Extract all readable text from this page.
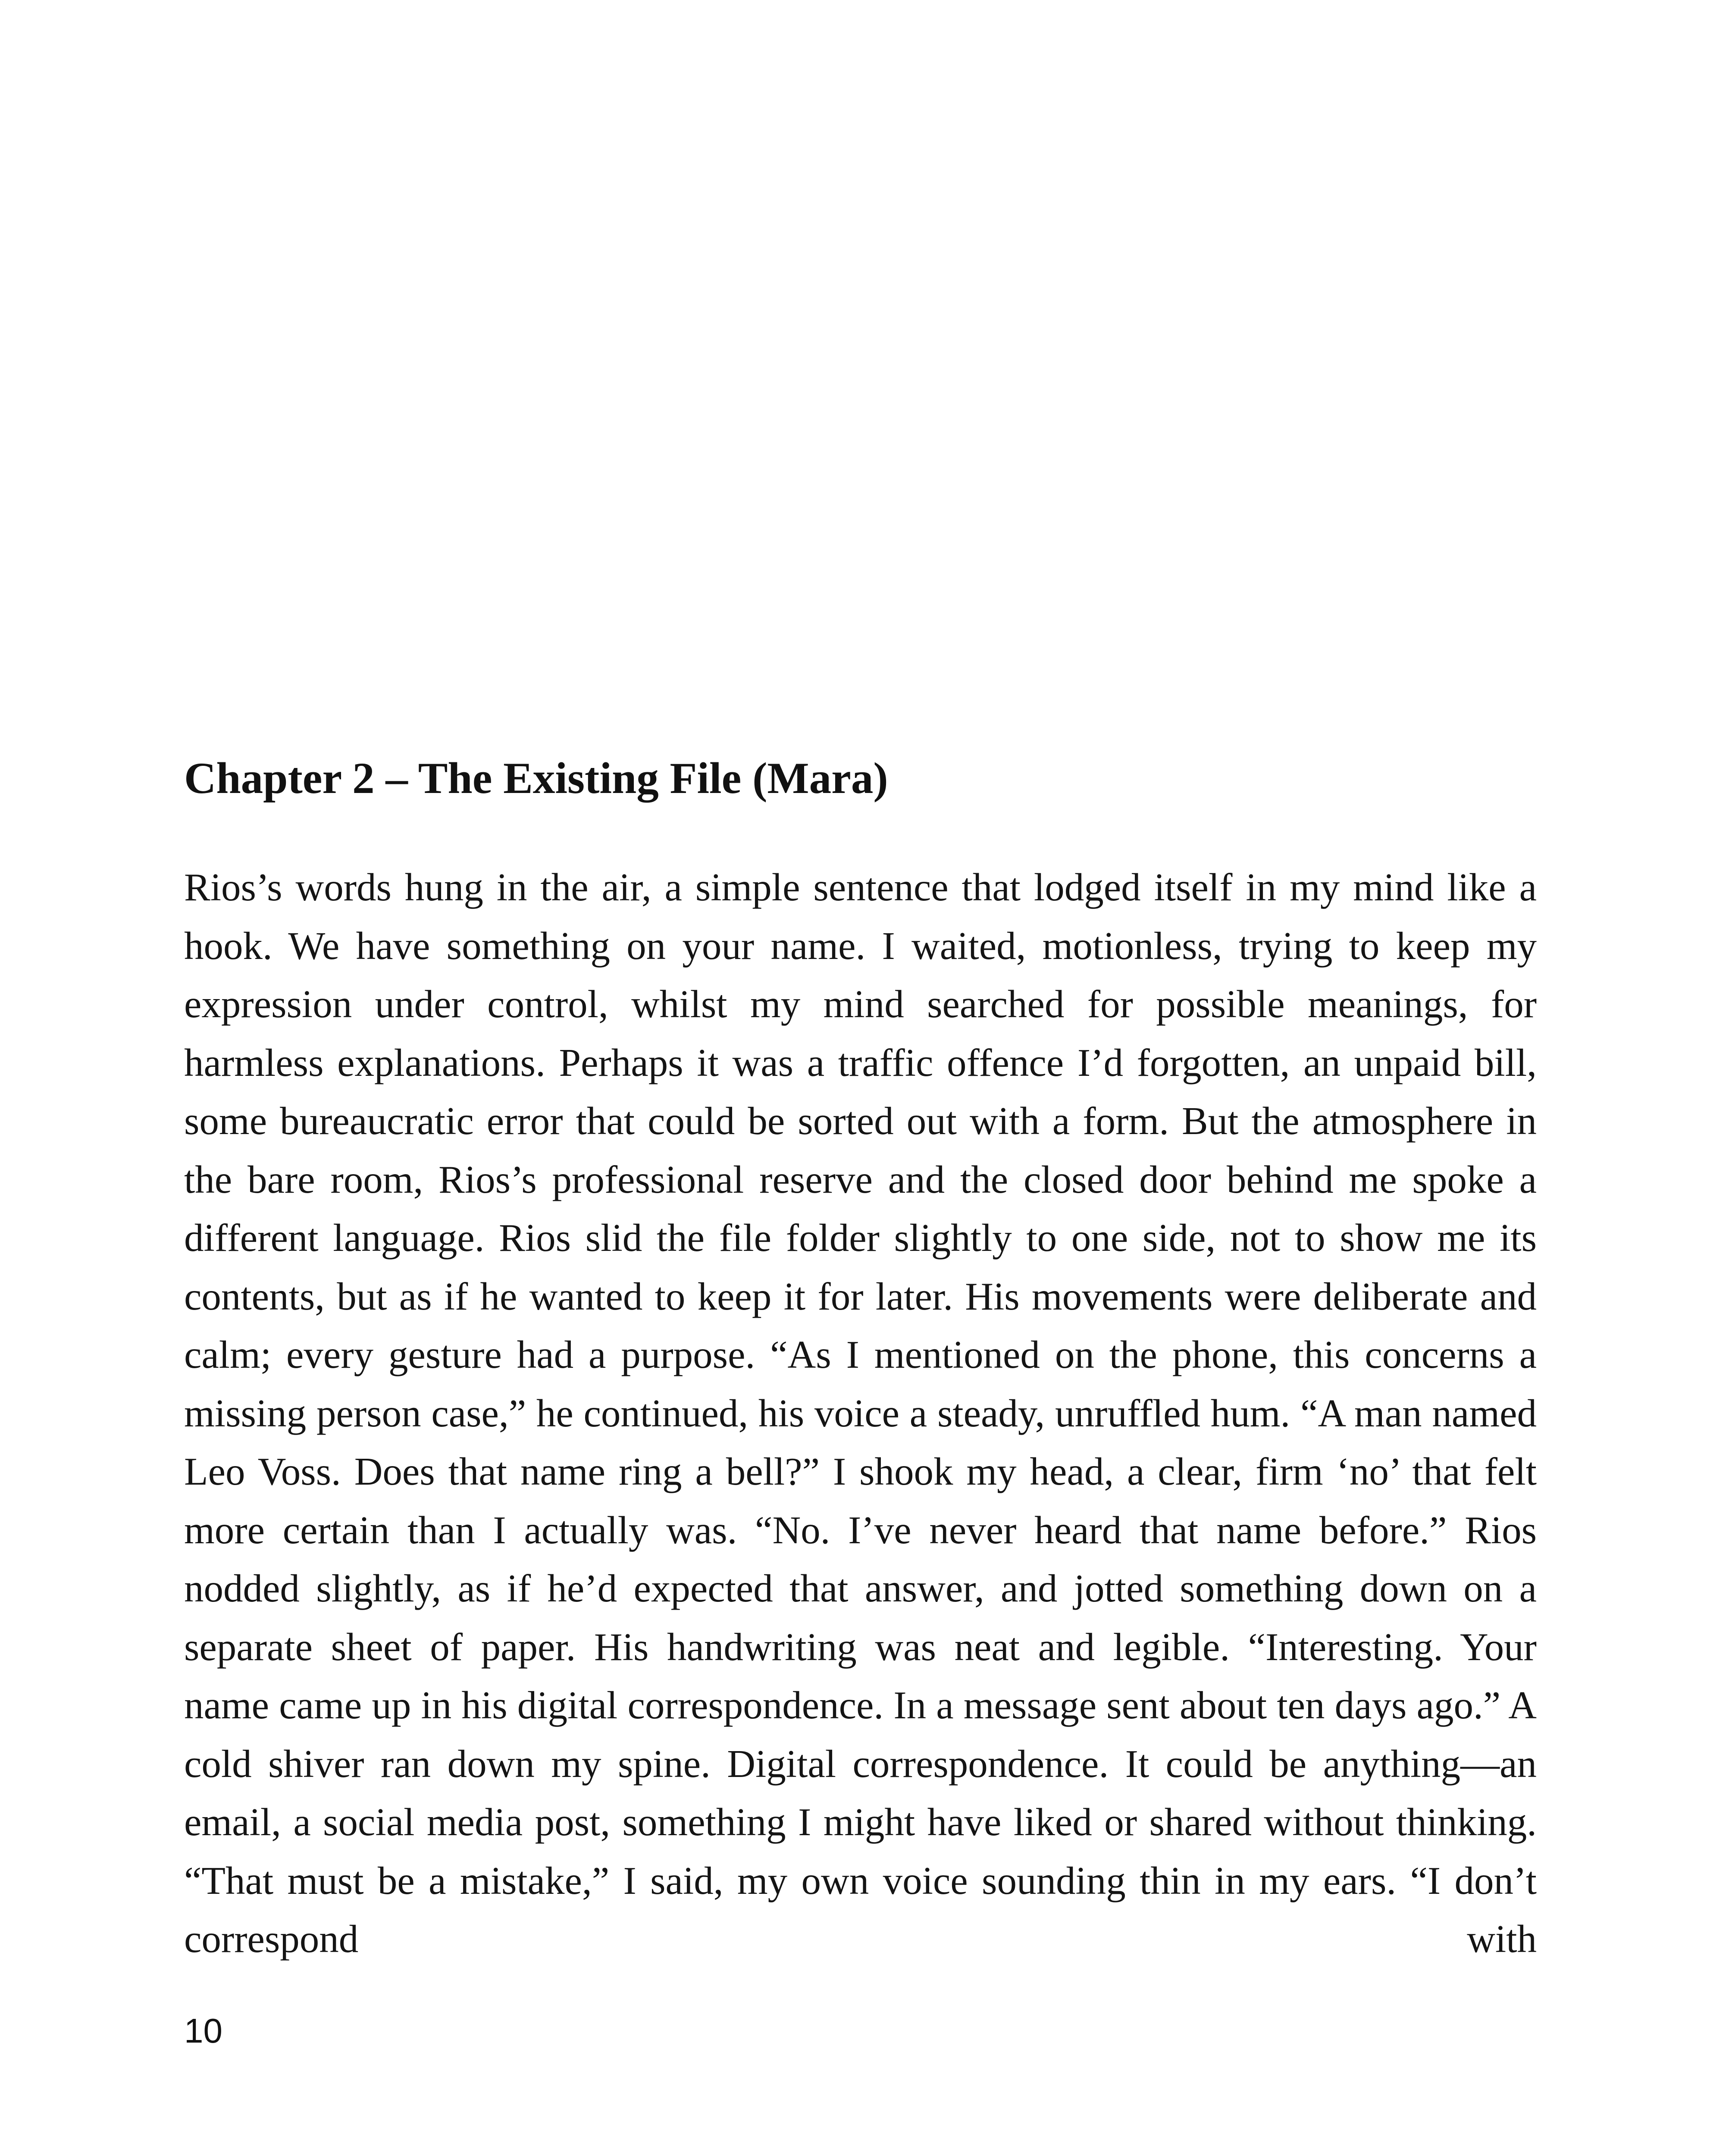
Chapter 2 – The Existing File (Mara)

Rios’s words hung in the air, a simple sentence that lodged itself in my mind like a hook. We have something on your name. I waited, motionless, trying to keep my expression under control, whilst my mind searched for possible meanings, for harmless explanations. Perhaps it was a traffic offence I’d forgotten, an unpaid bill, some bureaucratic error that could be sorted out with a form. But the atmosphere in the bare room, Rios’s professional reserve and the closed door behind me spoke a different language. Rios slid the file folder slightly to one side, not to show me its contents, but as if he wanted to keep it for later. His movements were deliberate and calm; every gesture had a purpose. “As I mentioned on the phone, this concerns a missing person case,” he continued, his voice a steady, unruffled hum. “A man named Leo Voss. Does that name ring a bell?” I shook my head, a clear, firm ‘no’ that felt more certain than I actually was. “No. I’ve never heard that name before.” Rios nodded slightly, as if he’d expected that answer, and jotted something down on a separate sheet of paper. His handwriting was neat and legible. “Interesting. Your name came up in his digital correspondence. In a message sent about ten days ago.” A cold shiver ran down my spine. Digital correspondence. It could be anything—an email, a social media post, something I might have liked or shared without thinking. “That must be a mistake,” I said, my own voice sounding thin in my ears. “I don’t correspond with

10
